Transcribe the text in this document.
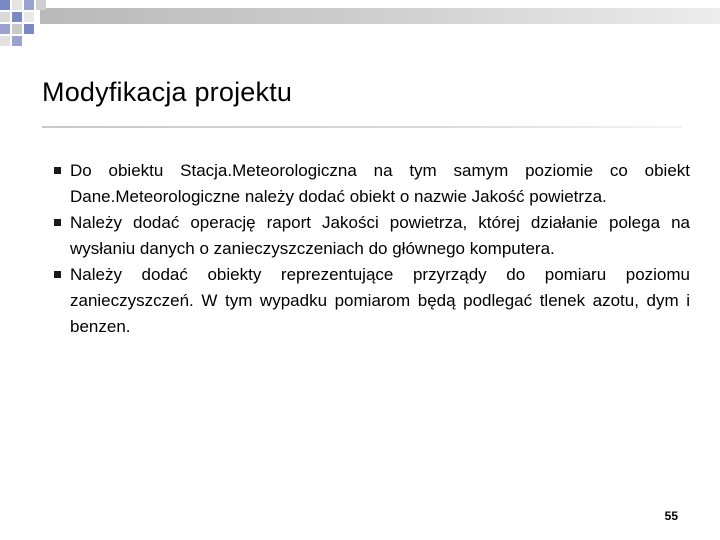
Modyfikacja projektu
Do obiektu Stacja.Meteorologiczna na tym samym poziomie co obiekt Dane.Meteorologiczne należy dodać obiekt o nazwie Jakość powietrza.
Należy dodać operację raport Jakości powietrza, której działanie polega na wysłaniu danych o zanieczyszczeniach do głównego komputera.
Należy dodać obiekty reprezentujące przyrządy do pomiaru poziomu zanieczyszczeń. W tym wypadku pomiarom będą podlegać tlenek azotu, dym i benzen.
55
